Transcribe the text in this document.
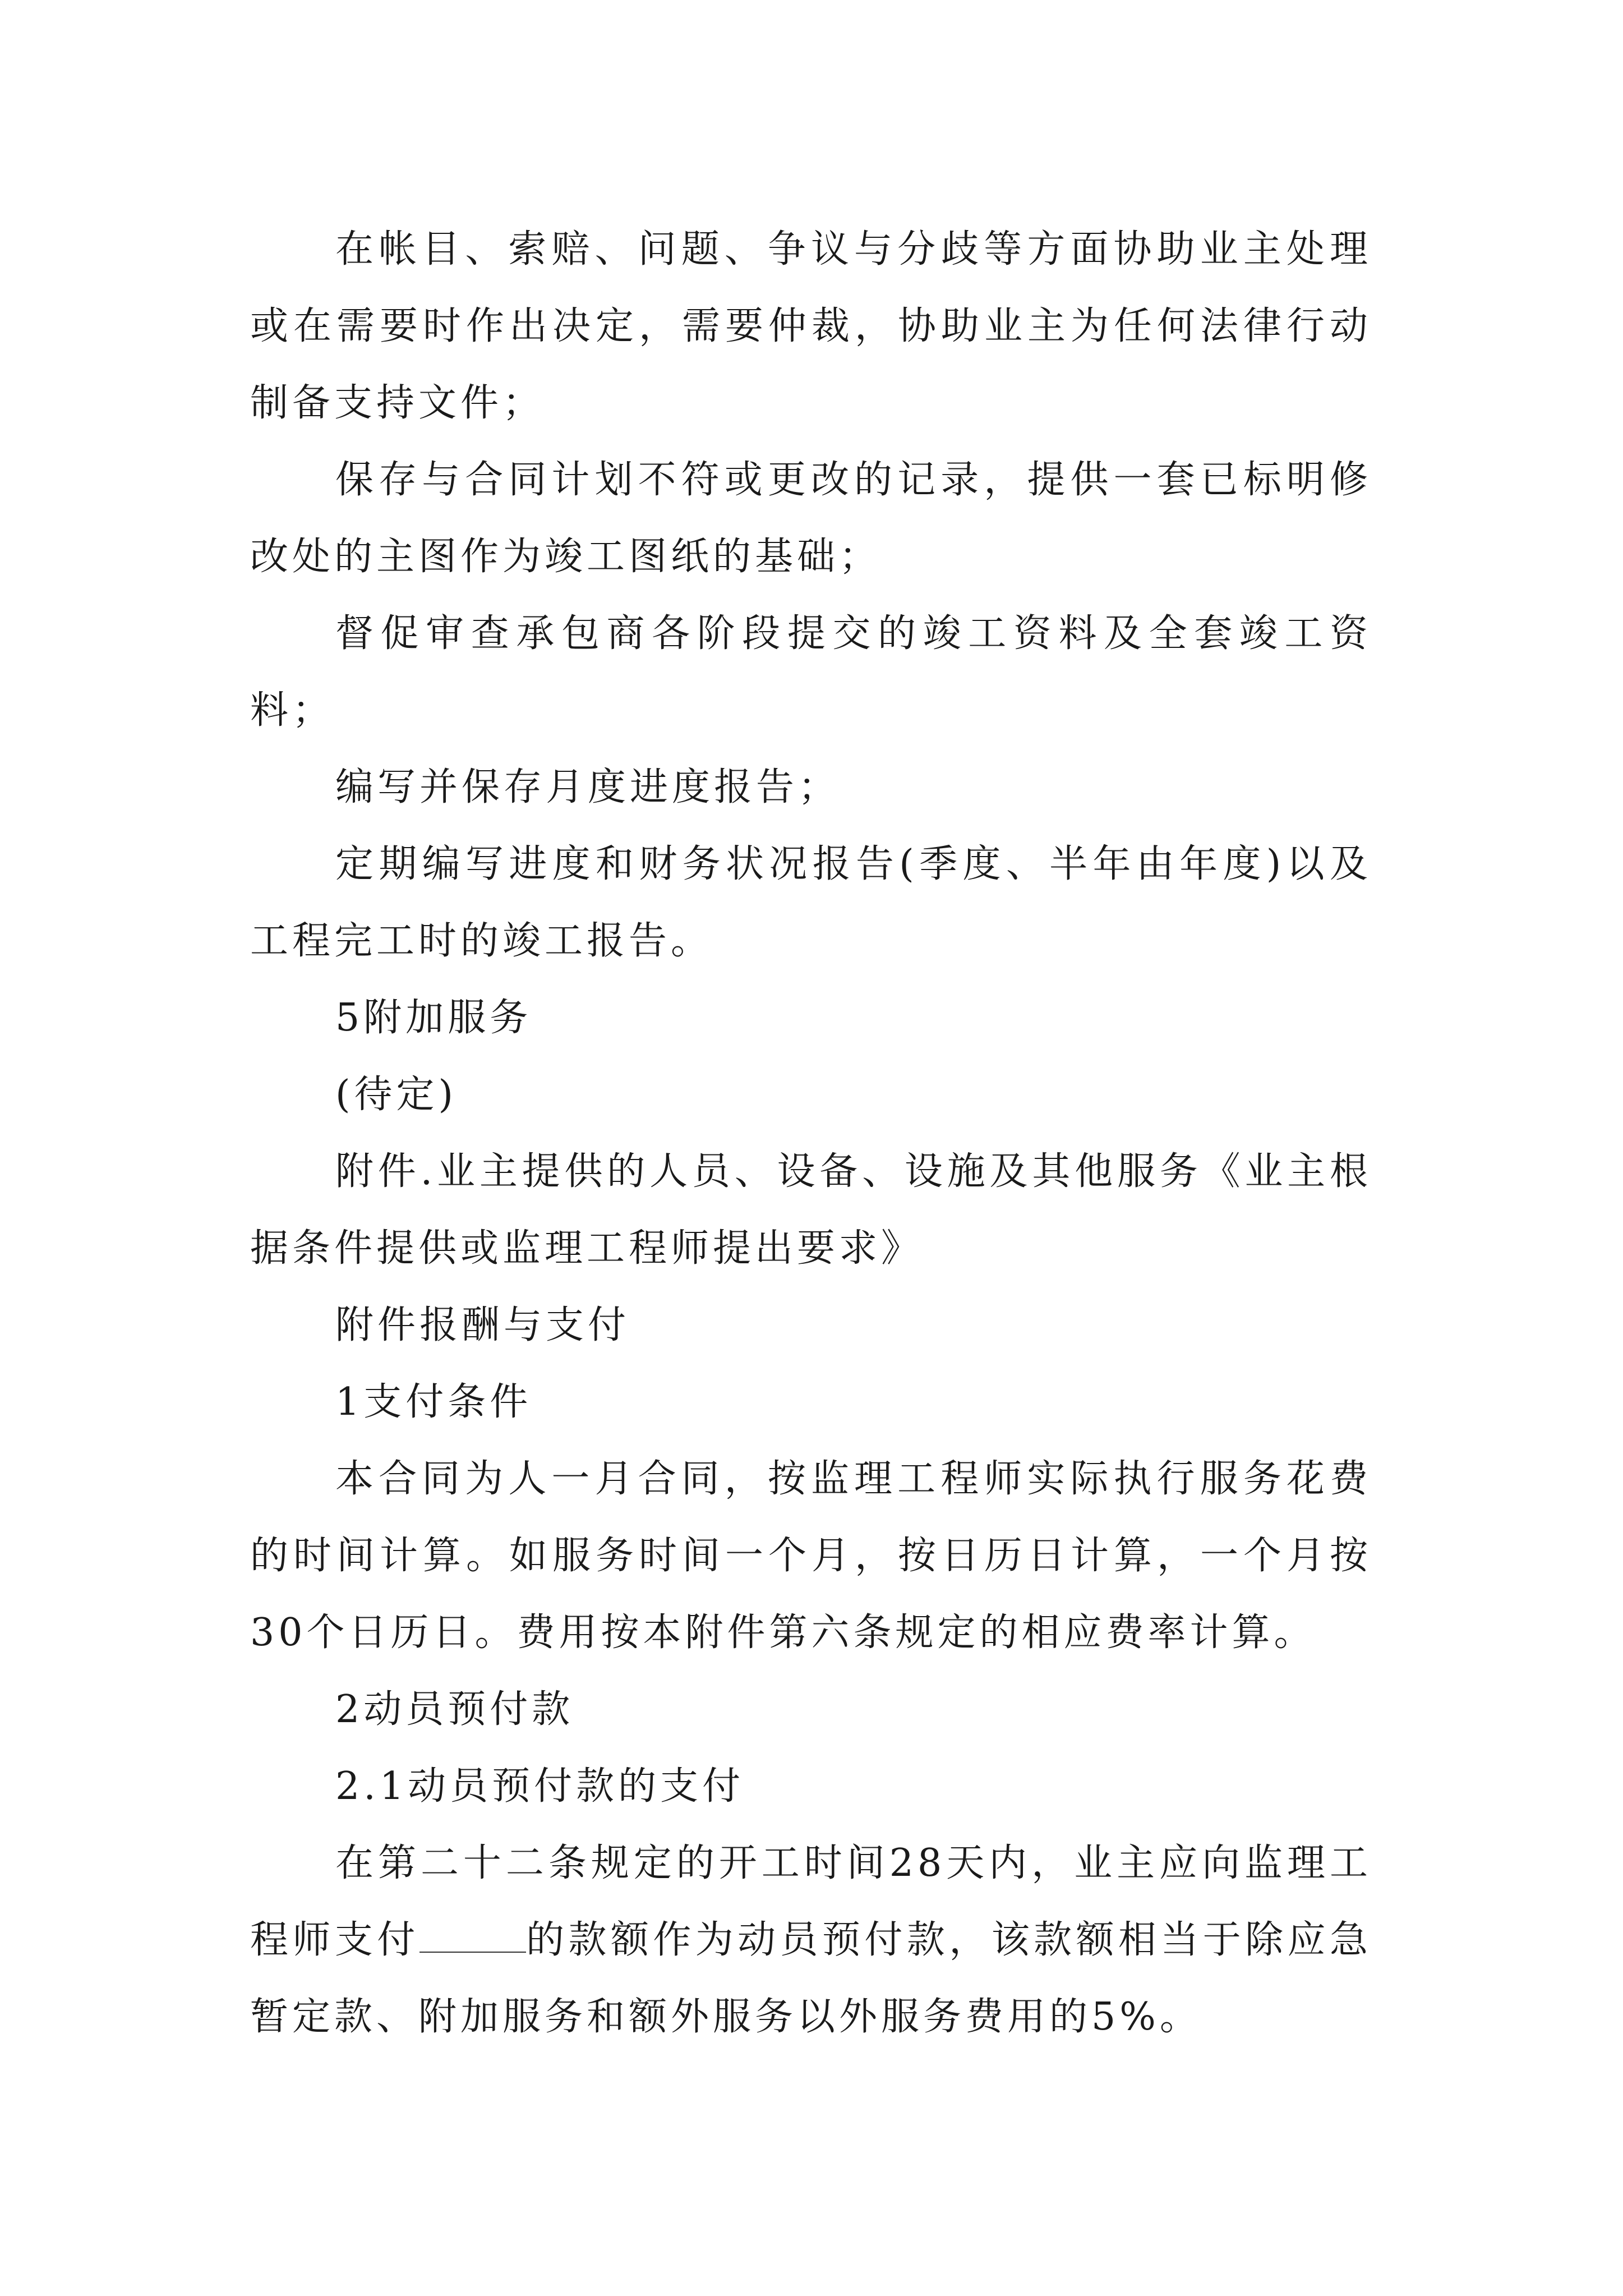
在帐目、索赔、问题、争议与分歧等方面协助业主处理或在需要时作出决定，需要仲裁，协助业主为任何法律行动制备支持文件；

保存与合同计划不符或更改的记录，提供一套已标明修改处的主图作为竣工图纸的基础；

督促审查承包商各阶段提交的竣工资料及全套竣工资料；

编写并保存月度进度报告；

定期编写进度和财务状况报告(季度、半年由年度)以及工程完工时的竣工报告。

5附加服务

(待定)

附件.业主提供的人员、设备、设施及其他服务《业主根据条件提供或监理工程师提出要求》

附件报酬与支付

1支付条件

本合同为人一月合同，按监理工程师实际执行服务花费的时间计算。如服务时间一个月，按日历日计算，一个月按30个日历日。费用按本附件第六条规定的相应费率计算。

2动员预付款

2.1动员预付款的支付

在第二十二条规定的开工时间28天内，业主应向监理工程师支付	的款额作为动员预付款，该款额相当于除应急暂定款、附加服务和额外服务以外服务费用的5%。
